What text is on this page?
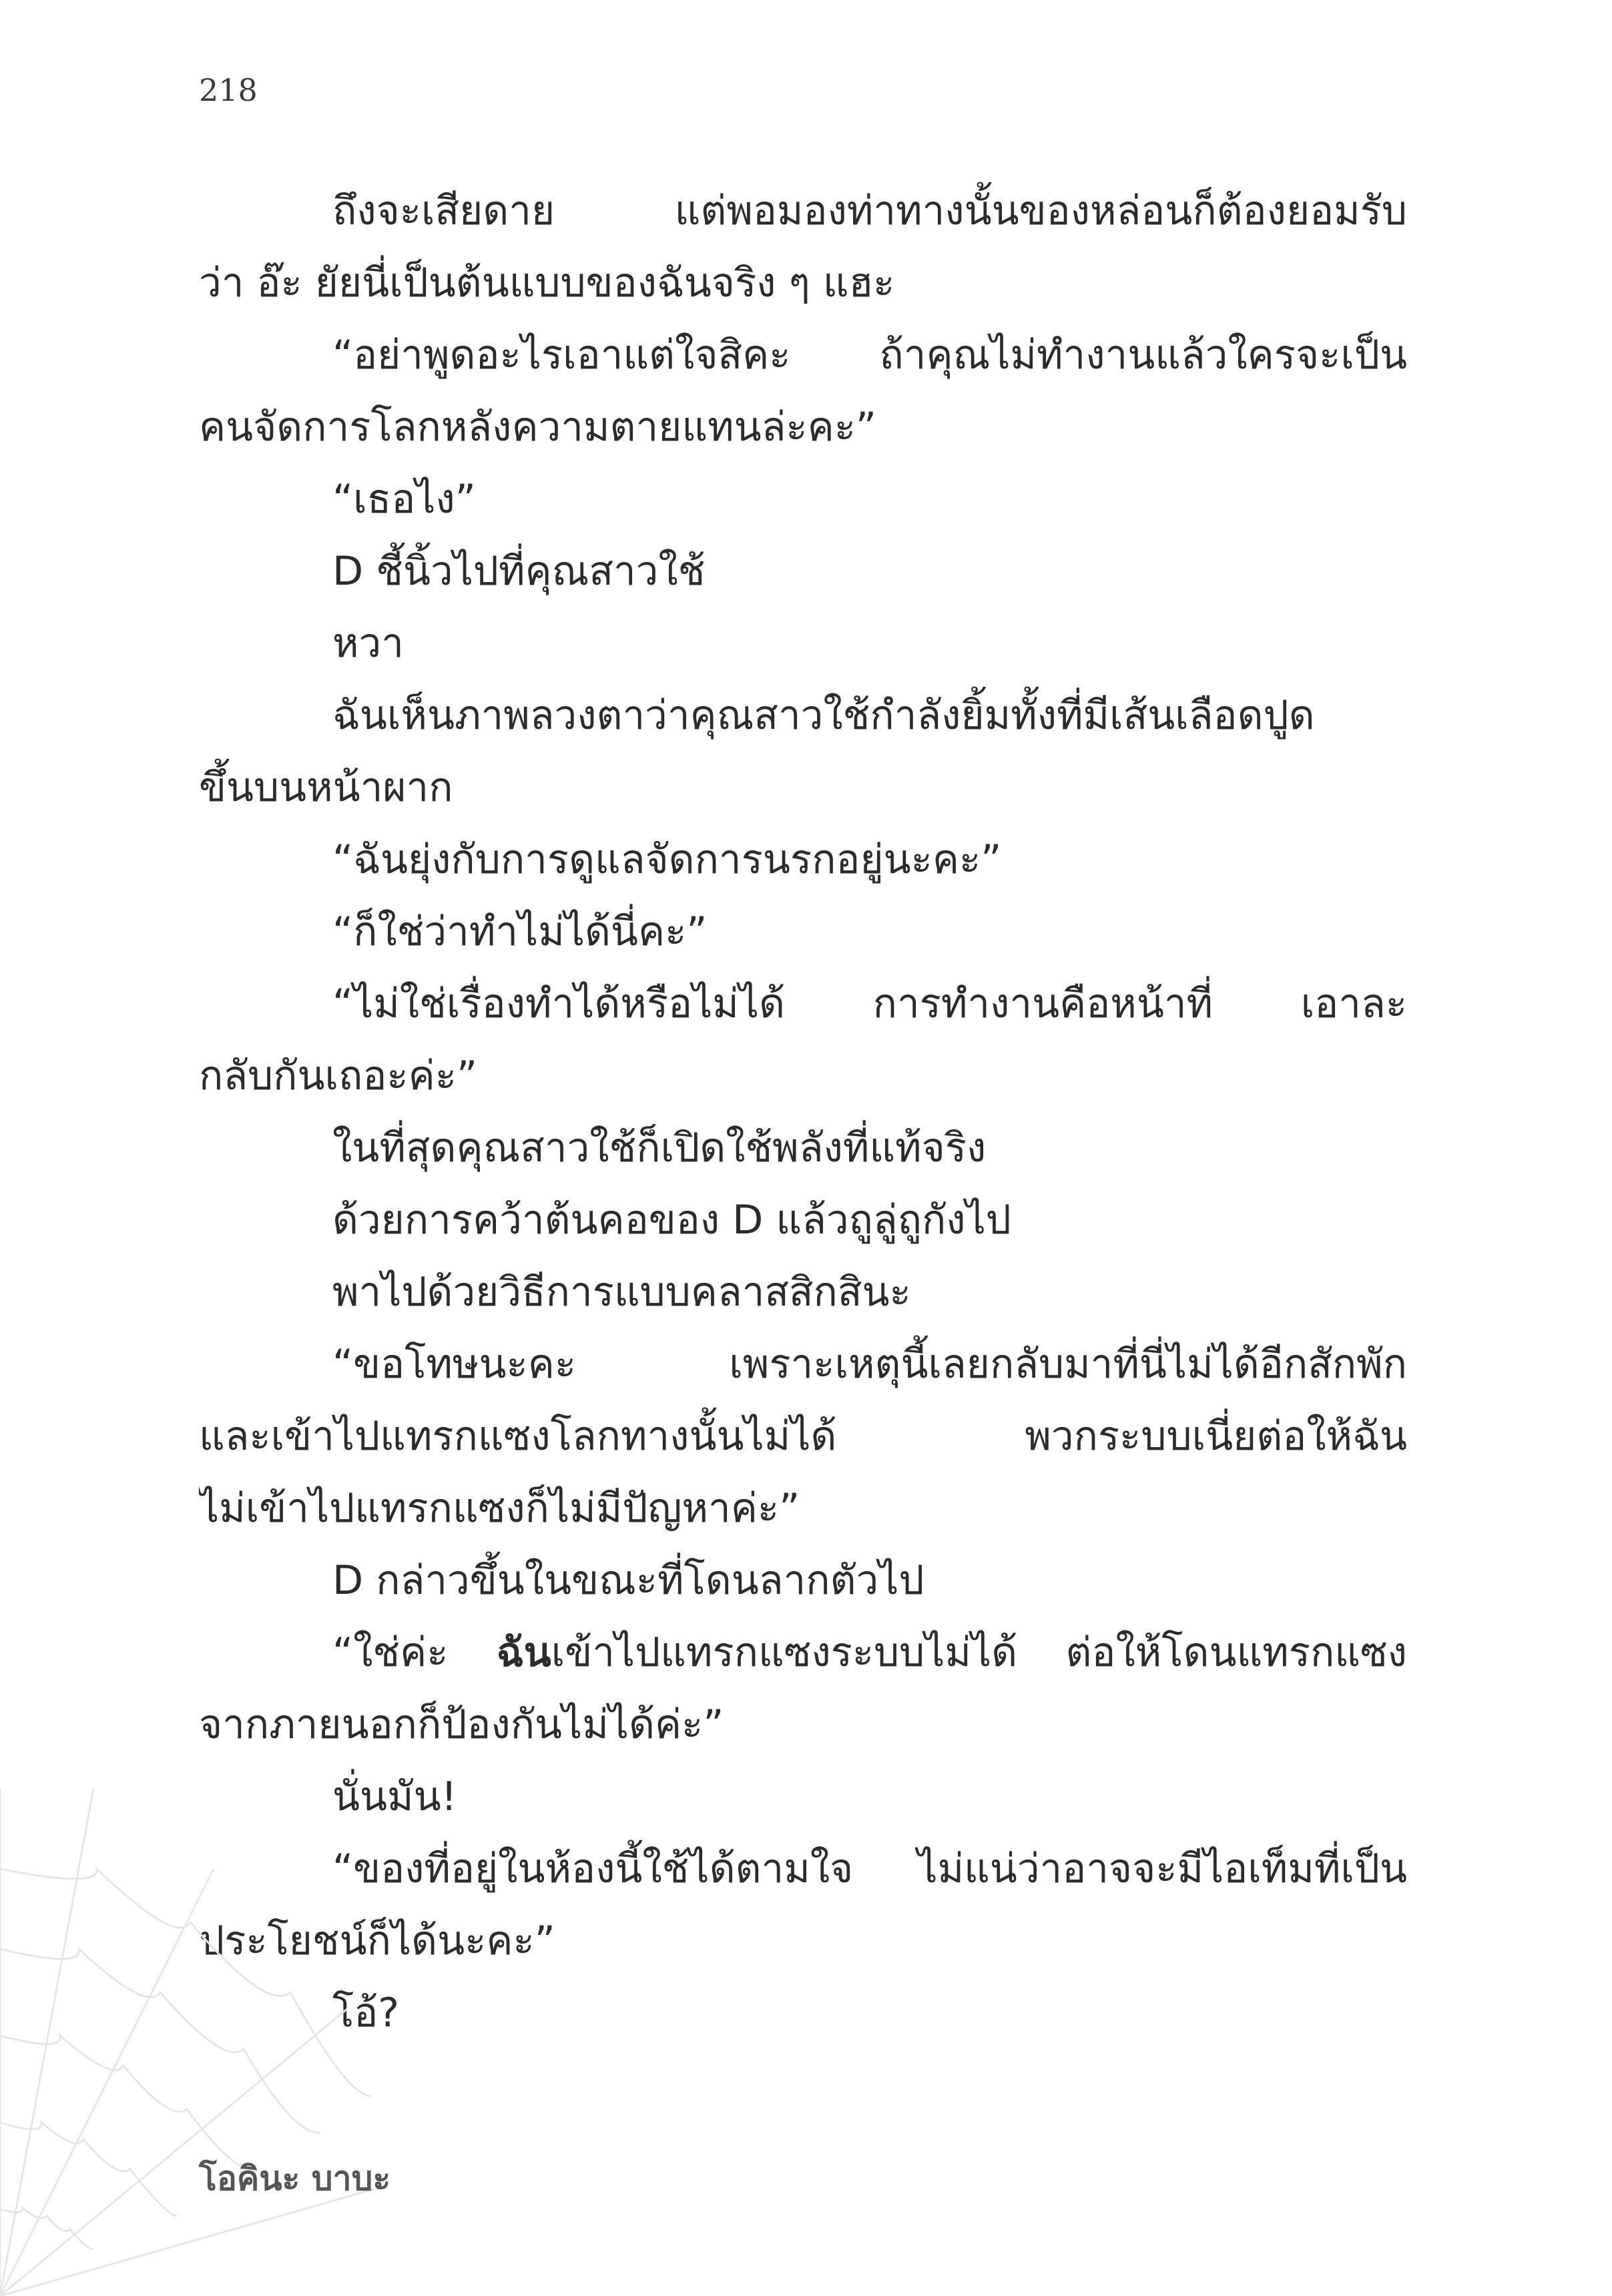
218
ถึงจะเสียดาย แต่พอมองท่าทางนั้นของหล่อนก็ต้องยอมรับ
ว่า อ๊ะ ยัยนี่เป็นต้นแบบของฉันจริง ๆ แฮะ
“อย่าพูดอะไรเอาแต่ใจสิคะ ถ้าคุณไม่ทำงานแล้วใครจะเป็น
คนจัดการโลกหลังความตายแทนล่ะคะ”
“เธอไง”
D ชี้นิ้วไปที่คุณสาวใช้
หวา
ฉันเห็นภาพลวงตาว่าคุณสาวใช้กำลังยิ้มทั้งที่มีเส้นเลือดปูด
ขึ้นบนหน้าผาก
“ฉันยุ่งกับการดูแลจัดการนรกอยู่นะคะ”
“ก็ใช่ว่าทำไม่ได้นี่คะ”
“ไม่ใช่เรื่องทำได้หรือไม่ได้ การทำงานคือหน้าที่ เอาละ
กลับกันเถอะค่ะ”
ในที่สุดคุณสาวใช้ก็เปิดใช้พลังที่แท้จริง
ด้วยการคว้าต้นคอของ D แล้วถูลู่ถูกังไป
พาไปด้วยวิธีการแบบคลาสสิกสินะ
“ขอโทษนะคะ เพราะเหตุนี้เลยกลับมาที่นี่ไม่ได้อีกสักพัก
และเข้าไปแทรกแซงโลกทางนั้นไม่ได้ พวกระบบเนี่ยต่อให้ฉัน
ไม่เข้าไปแทรกแซงก็ไม่มีปัญหาค่ะ”
D กล่าวขึ้นในขณะที่โดนลากตัวไป
“ใช่ค่ะ ฉันเข้าไปแทรกแซงระบบไม่ได้ ต่อให้โดนแทรกแซง
จากภายนอกก็ป้องกันไม่ได้ค่ะ”
นั่นมัน!
“ของที่อยู่ในห้องนี้ใช้ได้ตามใจ ไม่แน่ว่าอาจจะมีไอเท็มที่เป็น
ประโยชน์ก็ได้นะคะ”
โอ้?
โอคินะ บาบะ
